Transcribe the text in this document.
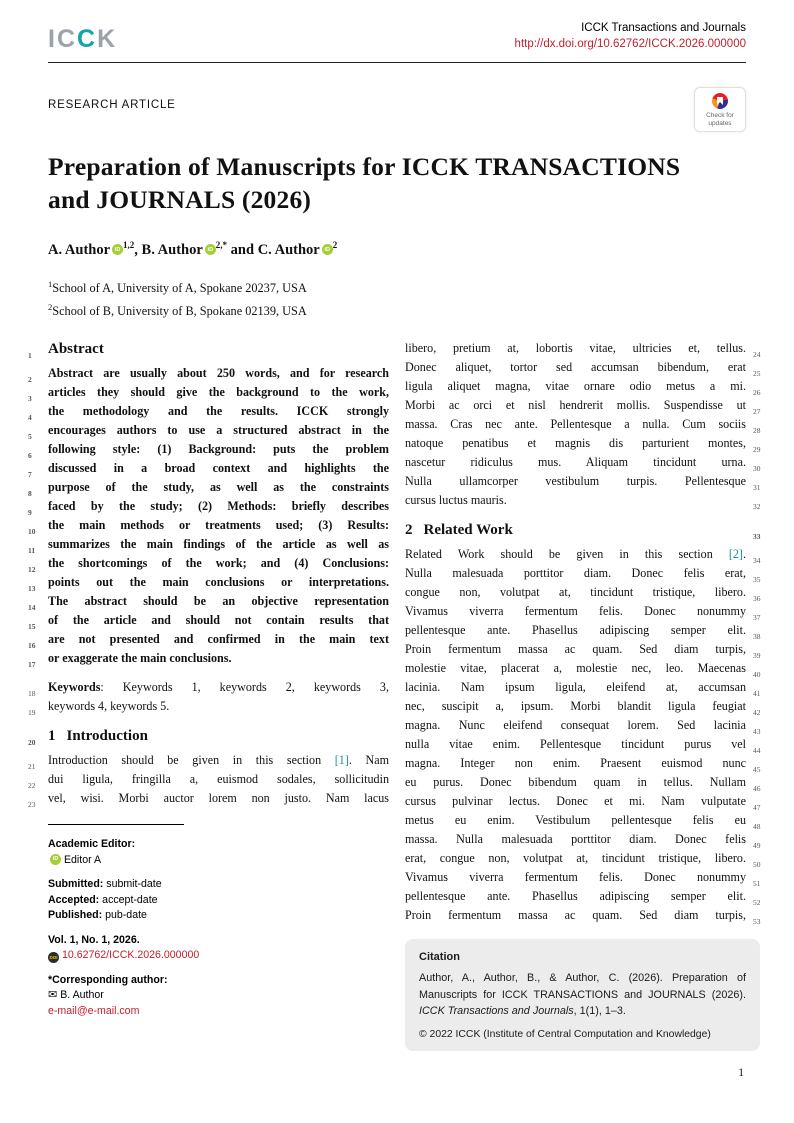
ICCK	ICCK Transactions and Journals
http://dx.doi.org/10.62762/ICCK.2026.000000
RESEARCH ARTICLE
Check for
updates
Preparation of Manuscripts for ICCK TRANSACTIONS
and JOURNALS (2026)
A. Author iD $^{1,2}$, B. Author iD $^{2,*}$ and C. Author iD $^2$
$^1$School of A, University of A, Spokane 20237, USA
$^2$School of B, University of B, Spokane 02139, USA
1	Abstract
2	Abstract are usually about 250 words, and for research
3	articles they should give the background to the work,
4	the methodology and the results. ICCK strongly
5	encourages authors to use a structured abstract in the
6	following style: (1) Background: puts the problem
7	discussed in a broad context and highlights the
8	purpose of the study, as well as the constraints
9	faced by the study; (2) Methods: briefly describes
10	the main methods or treatments used; (3) Results:
11	summarizes the main findings of the article as well as
12	the shortcomings of the work; and (4) Conclusions:
13	points out the main conclusions or interpretations.
14	The abstract should be an objective representation
15	of the article and should not contain results that
16	are not presented and confirmed in the main text
17	or exaggerate the main conclusions.
18	Keywords: Keywords 1, keywords 2, keywords 3,
19	keywords 4, keywords 5.
20 1 Introduction
21	Introduction should be given in this section [1]. Nam
22	dui ligula, fringilla a, euismod sodales, sollicitudin
23	vel, wisi. Morbi auctor lorem non justo. Nam lacus
Academic Editor:
iD Editor A
Submitted: submit-date
Accepted: accept-date
Published: pub-date
Vol. 1, No. 1, 2026.
DOI 10.62762/ICCK.2026.000000
*Corresponding author:
✉ B. Author
e-mail@e-mail.com
24
libero, pretium at, lobortis vitae, ultricies et, tellus.
25
Donec aliquet, tortor sed accumsan bibendum, erat
26
ligula aliquet magna, vitae ornare odio metus a mi.
27
Morbi ac orci et nisl hendrerit mollis. Suspendisse ut
28
massa. Cras nec ante. Pellentesque a nulla. Cum sociis
29
natoque penatibus et magnis dis parturient montes,
30
nascetur ridiculus mus. Aliquam tincidunt urna.
31
Nulla ullamcorper vestibulum turpis. Pellentesque
32
cursus luctus mauris.
33
2 Related Work
34
Related Work should be given in this section [2].
35
Nulla malesuada porttitor diam. Donec felis erat,
36
congue non, volutpat at, tincidunt tristique, libero.
37
Vivamus viverra fermentum felis. Donec nonummy
38
pellentesque ante. Phasellus adipiscing semper elit.
39
Proin fermentum massa ac quam. Sed diam turpis,
40
molestie vitae, placerat a, molestie nec, leo. Maecenas
41
lacinia. Nam ipsum ligula, eleifend at, accumsan
42
nec, suscipit a, ipsum. Morbi blandit ligula feugiat
43
magna. Nunc eleifend consequat lorem. Sed lacinia
44
nulla vitae enim. Pellentesque tincidunt purus vel
45
magna. Integer non enim. Praesent euismod nunc
46
eu purus. Donec bibendum quam in tellus. Nullam
47
cursus pulvinar lectus. Donec et mi. Nam vulputate
48
metus eu enim. Vestibulum pellentesque felis eu
49
massa. Nulla malesuada porttitor diam. Donec felis
50
erat, congue non, volutpat at, tincidunt tristique, libero.
51
Vivamus viverra fermentum felis. Donec nonummy
52
pellentesque ante. Phasellus adipiscing semper elit.
53
Proin fermentum massa ac quam. Sed diam turpis,
Citation
Author, A., Author, B., & Author, C. (2026). Preparation of Manuscripts for ICCK TRANSACTIONS and JOURNALS (2026). ICCK Transactions and Journals, 1(1), 1–3.
© 2022 ICCK (Institute of Central Computation and Knowledge)
1
